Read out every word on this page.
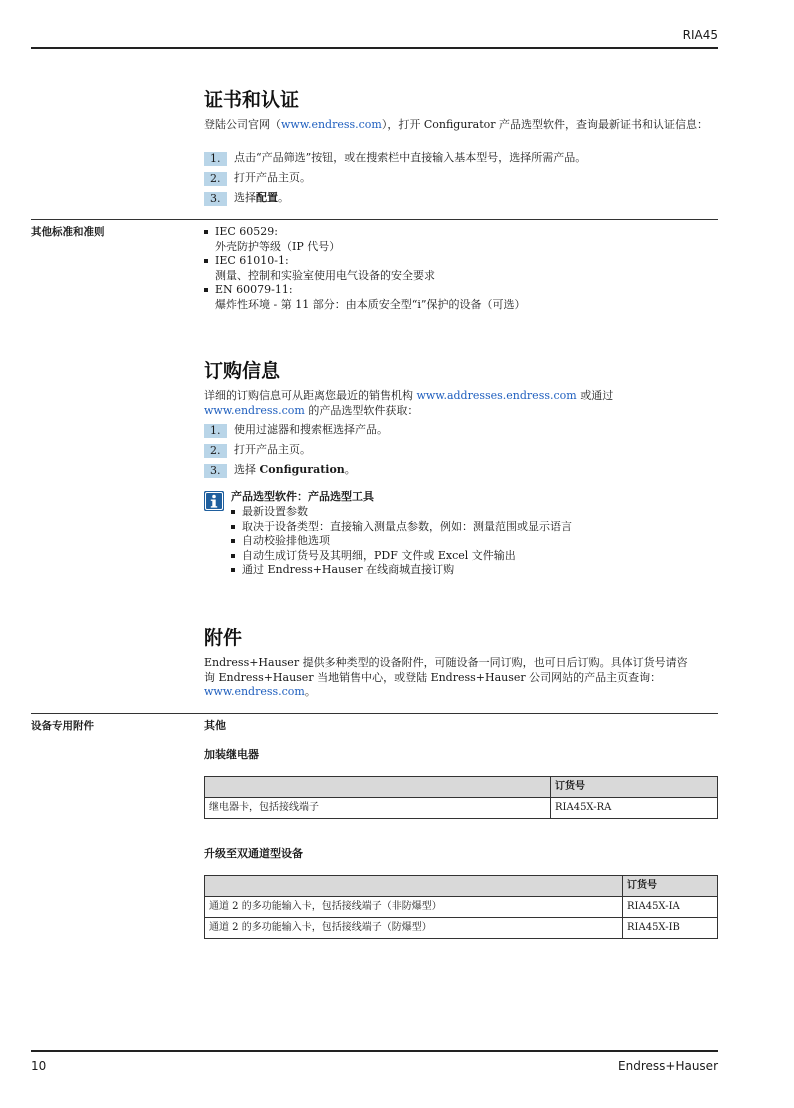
RIA45
证书和认证
登陆公司官网（www.endress.com），打开 Configurator 产品选型软件，查询最新证书和认证信息：
1.	点击“产品筛选”按钮，或在搜索栏中直接输入基本型号，选择所需产品。
2.	打开产品主页。
3.	选择配置。
其他标准和准则	IEC 60529:
外壳防护等级（IP 代号）
IEC 61010-1:
测量、控制和实验室使用电气设备的安全要求
EN 60079-11:
爆炸性环境 - 第 11 部分：由本质安全型“i”保护的设备（可选）
订购信息
详细的订购信息可从距离您最近的销售机构 www.addresses.endress.com 或通过
www.endress.com 的产品选型软件获取：
1.	使用过滤器和搜索框选择产品。
2.	打开产品主页。
3.	选择 Configuration。
产品选型软件：产品选型工具
最新设置参数
取决于设备类型：直接输入测量点参数，例如：测量范围或显示语言
自动校验排他选项
自动生成订货号及其明细，PDF 文件或 Excel 文件输出
通过 Endress+Hauser 在线商城直接订购
附件
Endress+Hauser 提供多种类型的设备附件，可随设备一同订购，也可日后订购。具体订货号请咨
询 Endress+Hauser 当地销售中心，或登陆 Endress+Hauser 公司网站的产品主页查询：
www.endress.com。
设备专用附件	其他
加装继电器
	订货号
继电器卡，包括接线端子	RIA45X-RA
升级至双通道型设备
	订货号
通道 2 的多功能输入卡，包括接线端子（非防爆型）	RIA45X-IA
通道 2 的多功能输入卡，包括接线端子（防爆型）	RIA45X-IB
10	Endress+Hauser
